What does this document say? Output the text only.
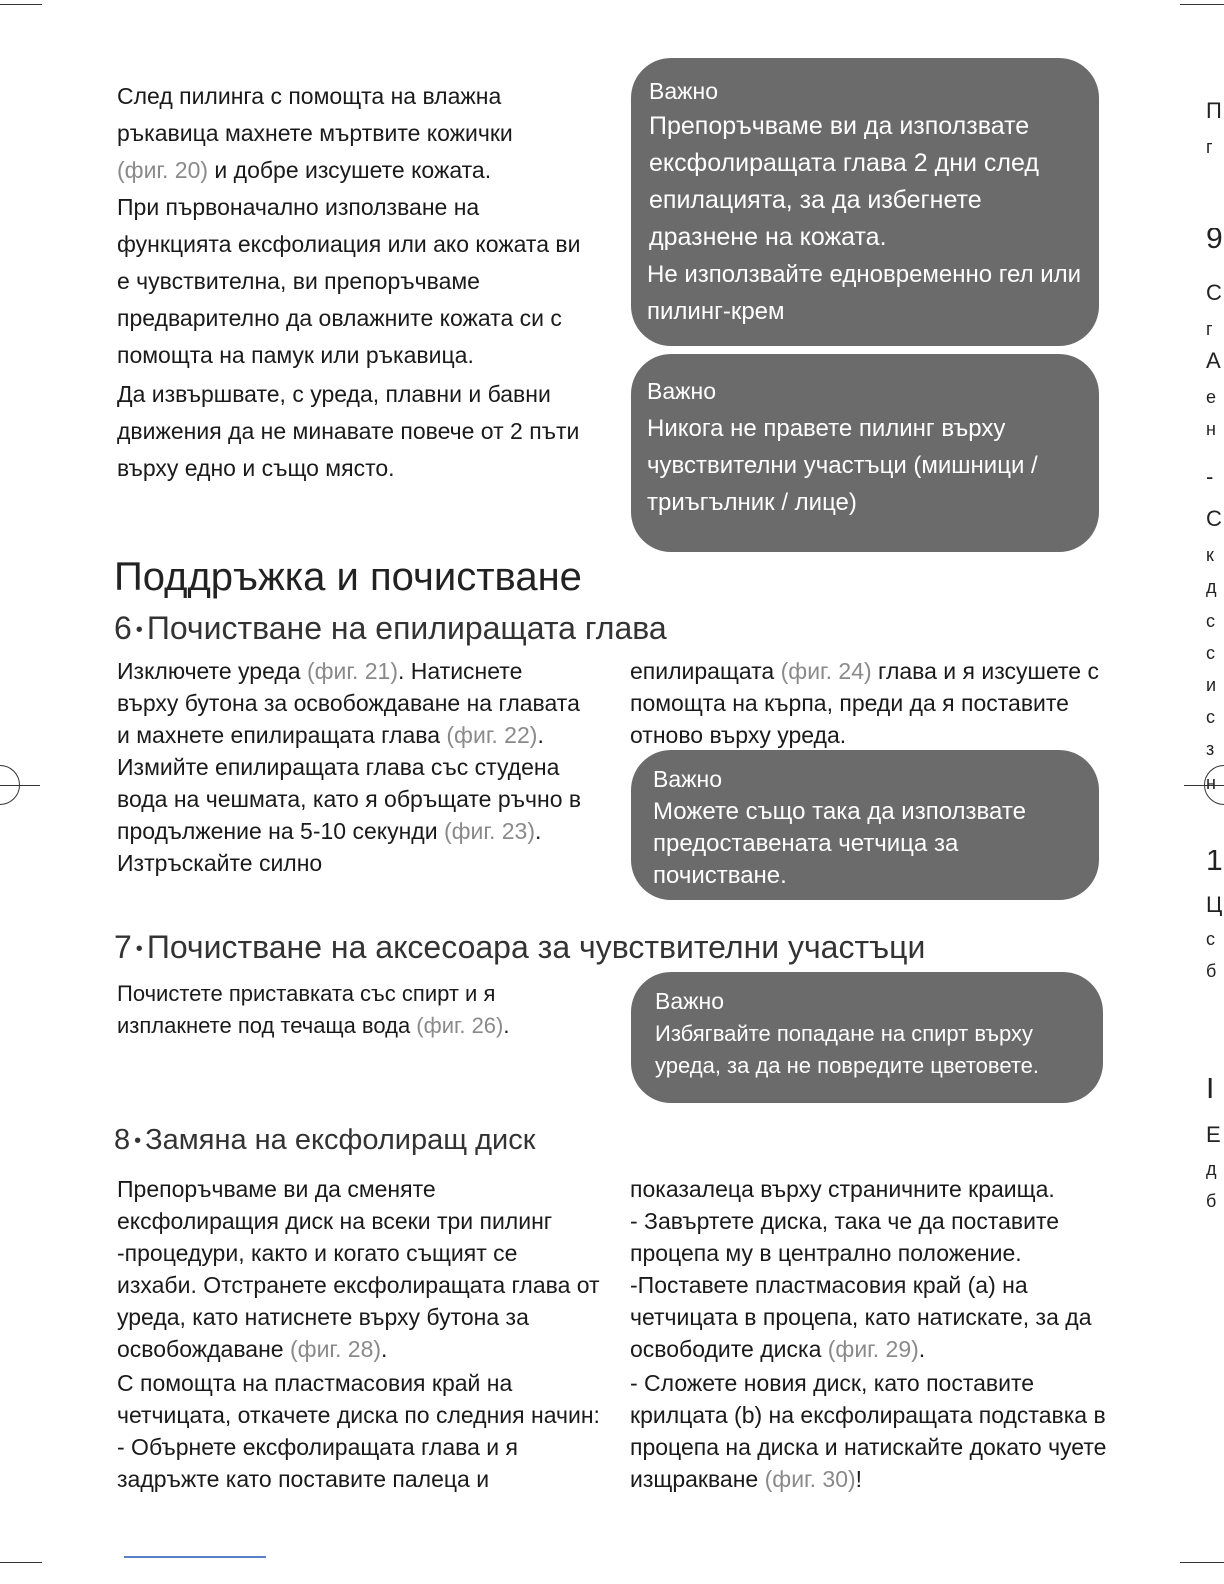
След пилинга с помощта на влажна
ръкавица махнете мъртвите кожички
(фиг. 20) и добре изсушете кожата.
При първоначално използване на функцията ексфолиация или ако кожата ви е чувствителна, ви препоръчваме предварително да овлажните кожата си с помощта на памук или ръкавица.
Да извършвате, с уреда, плавни и бавни движения да не минавате повече от 2 пъти върху едно и също място.

Важно

Препоръчваме ви да използвате ексфолиращата глава 2 дни след епилацията, за да избегнете дразнене на кожата.

Не използвайте едновременно гел или пилинг-крем

Важно

Никога не правете пилинг върху чувствителни участъци (мишници / триъгълник / лице)

Поддръжка и почистване
6 • Почистване на епилиращата глава
Изключете уреда (фиг. 21). Натиснете върху бутона за освобождаване на главата и махнете епилиращата глава (фиг. 22). Измийте епилиращата глава със студена вода на чешмата, като я обръщате ръчно в продължение на 5-10 секунди (фиг. 23). Изтръскайте силно
епилиращата (фиг. 24) глава и я изсушете с помощта на кърпа, преди да я поставите отново върху уреда.

Важно

Можете също така да използвате предоставената четчица за почистване.

7 • Почистване на аксесоара за чувствителни участъци
Почистете приставката със спирт и я изплакнете под течаща вода (фиг. 26).

Важно

Избягвайте попадане на спирт върху уреда, за да не повредите цветовете.

8 • Замяна на ексфолиращ диск
Препоръчваме ви да сменяте ексфолиращия диск на всеки три пилинг -процедури, както и когато същият се изхаби. Отстранете ексфолиращата глава от уреда, като натиснете върху бутона за освобождаване (фиг. 28).
С помощта на пластмасовия край на четчицата, откачете диска по следния начин: - Обърнете ексфолиращата глава и я задръжте като поставите палеца и
показалеца върху страничните краища.
- Завъртете диска, така че да поставите процепа му в централно положение.
-Поставете пластмасовия край (a) на четчицата в процепа, като натискате, за да освободите диска (фиг. 29).
- Сложете новия диск, като поставите крилцата (b) на ексфолиращата подставка в процепа на диска и натискайте докато чуете изщракване (фиг. 30)!
П
г
9
С
г
А
е
н
-
С
к
д
с
с
и
с
з
н
1
Ц
с
б
I
Е
д
б
